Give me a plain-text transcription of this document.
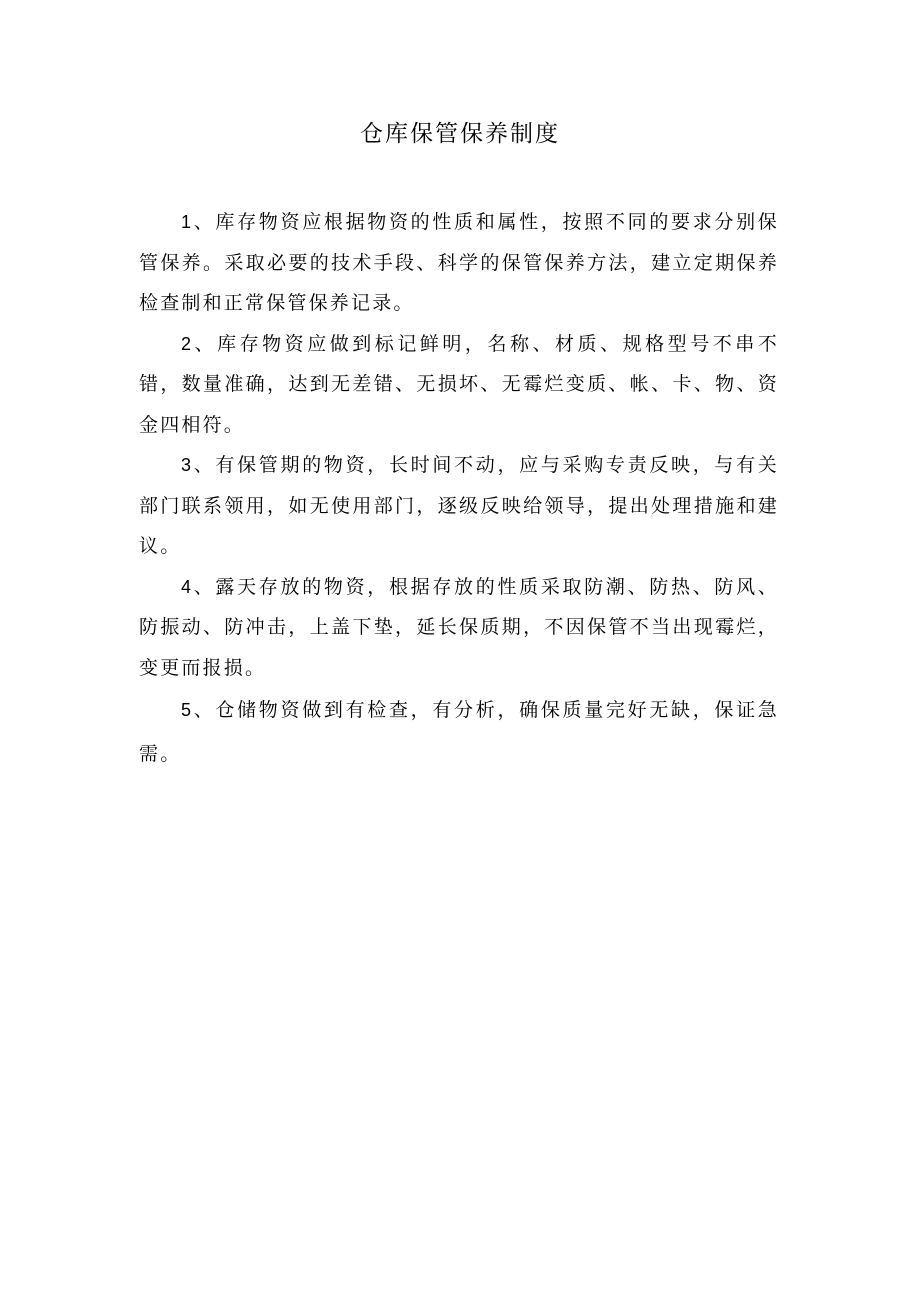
仓库保管保养制度

1、库存物资应根据物资的性质和属性，按照不同的要求分别保管保养。采取必要的技术手段、科学的保管保养方法，建立定期保养检查制和正常保管保养记录。

2、库存物资应做到标记鲜明，名称、材质、规格型号不串不错，数量准确，达到无差错、无损坏、无霉烂变质、帐、卡、物、资金四相符。

3、有保管期的物资，长时间不动，应与采购专责反映，与有关部门联系领用，如无使用部门，逐级反映给领导，提出处理措施和建议。

4、露天存放的物资，根据存放的性质采取防潮、防热、防风、防振动、防冲击，上盖下垫，延长保质期，不因保管不当出现霉烂，变更而报损。

5、仓储物资做到有检查，有分析，确保质量完好无缺，保证急需。
